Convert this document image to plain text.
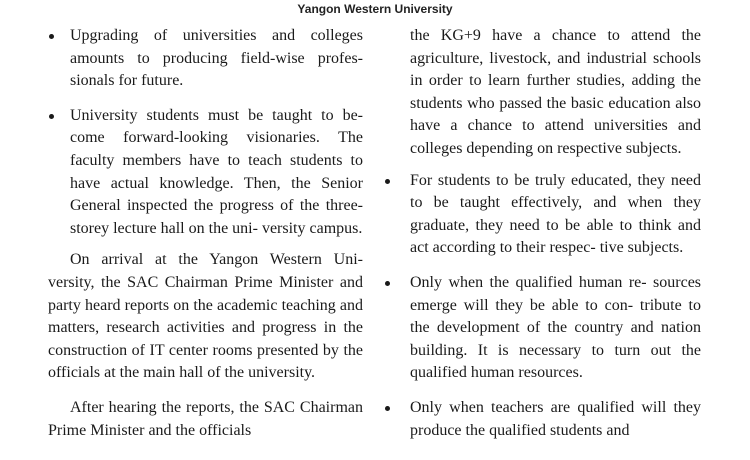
Yangon Western University
Upgrading of universities and colleges amounts to producing field-wise profes- sionals for future.
University students must be taught to be- come forward-looking visionaries. The faculty members have to teach students to have actual knowledge. Then, the Senior General inspected the progress of the three-storey lecture hall on the uni- versity campus.
On arrival at the Yangon Western Uni- versity, the SAC Chairman Prime Minister and party heard reports on the academic teaching and matters, research activities and progress in the construction of IT center rooms presented by the officials at the main hall of the university.
After hearing the reports, the SAC Chairman Prime Minister and the officials
the KG+9 have a chance to attend the agriculture, livestock, and industrial schools in order to learn further studies, adding the students who passed the basic education also have a chance to attend universities and colleges depending on respective subjects.
For students to be truly educated, they need to be taught effectively, and when they graduate, they need to be able to think and act according to their respec- tive subjects.
Only when the qualified human re- sources emerge will they be able to con- tribute to the development of the country and nation building. It is necessary to turn out the qualified human resources.
Only when teachers are qualified will they produce the qualified students and
